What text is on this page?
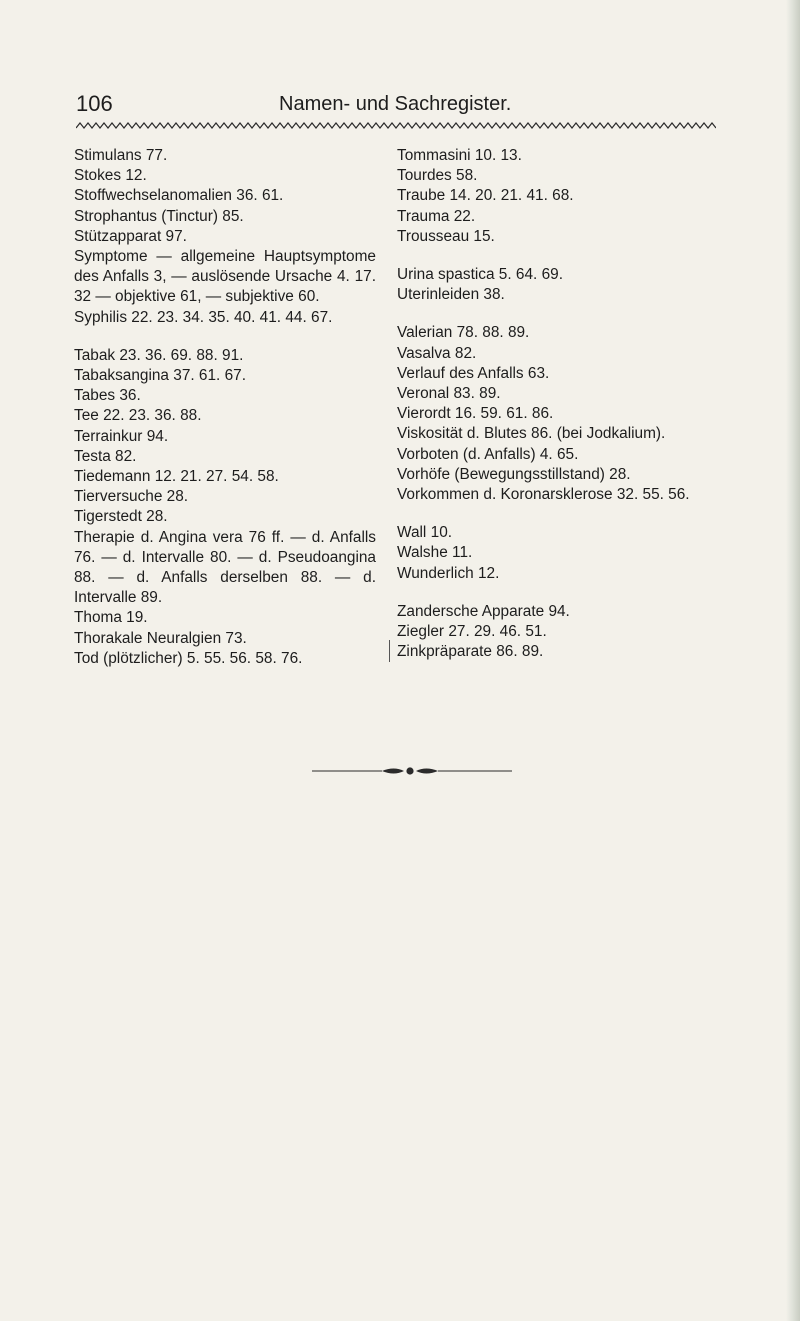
106	Namen- und Sachregister.
Stimulans 77.
Stokes 12.
Stoffwechselanomalien 36. 61.
Strophantus (Tinctur) 85.
Stützapparat 97.
Symptome — allgemeine Hauptsymptome des Anfalls 3, — auslösende Ursache 4. 17. 32 — objektive 61, — subjektive 60.
Syphilis 22. 23. 34. 35. 40. 41. 44. 67.
Tabak 23. 36. 69. 88. 91.
Tabaksangina 37. 61. 67.
Tabes 36.
Tee 22. 23. 36. 88.
Terrainkur 94.
Testa 82.
Tiedemann 12. 21. 27. 54. 58.
Tierversuche 28.
Tigerstedt 28.
Therapie d. Angina vera 76 ff. — d. Anfalls 76. — d. Intervalle 80. — d. Pseudoangina 88. — d. Anfalls derselben 88. — d. Intervalle 89.
Thoma 19.
Thorakale Neuralgien 73.
Tod (plötzlicher) 5. 55. 56. 58. 76.
Tommasini 10. 13.
Tourdes 58.
Traube 14. 20. 21. 41. 68.
Trauma 22.
Trousseau 15.
Urina spastica 5. 64. 69.
Uterinleiden 38.
Valerian 78. 88. 89.
Vasalva 82.
Verlauf des Anfalls 63.
Veronal 83. 89.
Vierordt 16. 59. 61. 86.
Viskosität d. Blutes 86. (bei Jodkalium).
Vorboten (d. Anfalls) 4. 65.
Vorhöfe (Bewegungsstillstand) 28.
Vorkommen d. Koronarsklerose 32. 55. 56.
Wall 10.
Walshe 11.
Wunderlich 12.
Zandersche Apparate 94.
Ziegler 27. 29. 46. 51.
Zinkpräparate 86. 89.
